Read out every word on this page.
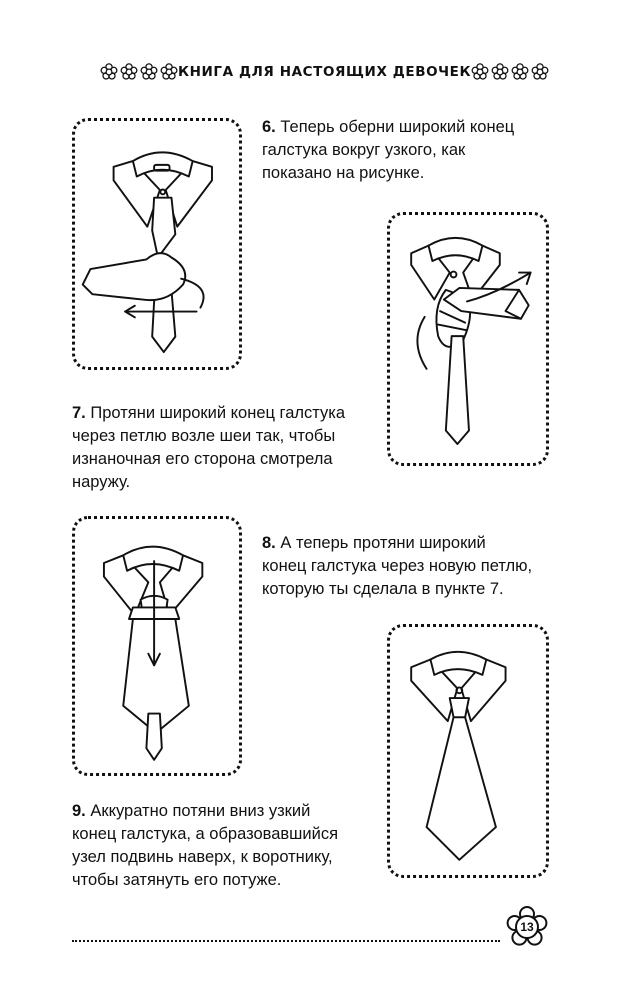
КНИГА ДЛЯ НАСТОЯЩИХ ДЕВОЧЕК
6. Теперь оберни широкий конец
галстука вокруг узкого, как
показано на рисунке.
7. Протяни широкий конец галстука
через петлю возле шеи так, чтобы
изнаночная его сторона смотрела
наружу.
8. А теперь протяни широкий
конец галстука через новую петлю,
которую ты сделала в пункте 7.
9. Аккуратно потяни вниз узкий
конец галстука, а образовавшийся
узел подвинь наверх, к воротнику,
чтобы затянуть его потуже.
13
